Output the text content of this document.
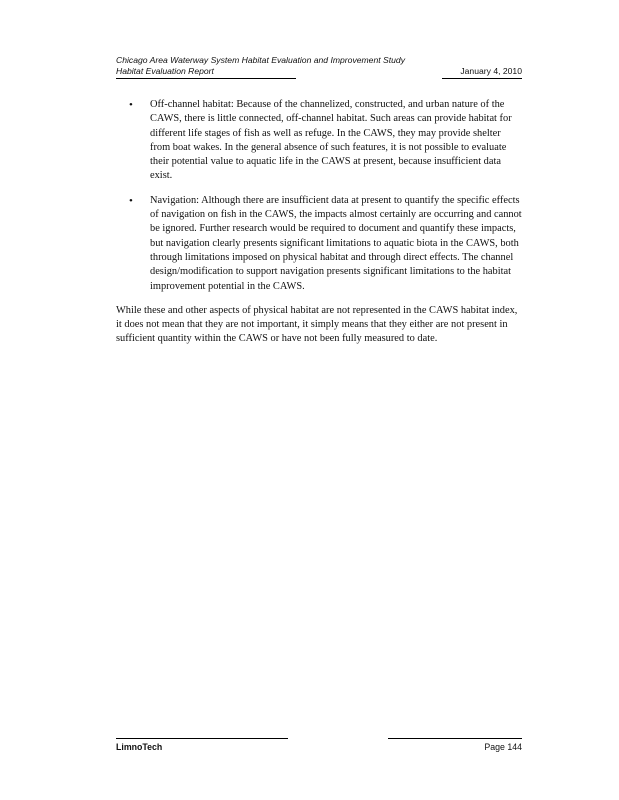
Chicago Area Waterway System Habitat Evaluation and Improvement Study
Habitat Evaluation Report	January 4, 2010
• Off-channel habitat: Because of the channelized, constructed, and urban nature of the CAWS, there is little connected, off-channel habitat. Such areas can provide habitat for different life stages of fish as well as refuge. In the CAWS, they may provide shelter from boat wakes. In the general absence of such features, it is not possible to evaluate their potential value to aquatic life in the CAWS at present, because insufficient data exist.
• Navigation: Although there are insufficient data at present to quantify the specific effects of navigation on fish in the CAWS, the impacts almost certainly are occurring and cannot be ignored. Further research would be required to document and quantify these impacts, but navigation clearly presents significant limitations to aquatic biota in the CAWS, both through limitations imposed on physical habitat and through direct effects. The channel design/modification to support navigation presents significant limitations to the habitat improvement potential in the CAWS.

While these and other aspects of physical habitat are not represented in the CAWS habitat index, it does not mean that they are not important, it simply means that they either are not present in sufficient quantity within the CAWS or have not been fully measured to date.

LimnoTech	Page 144
